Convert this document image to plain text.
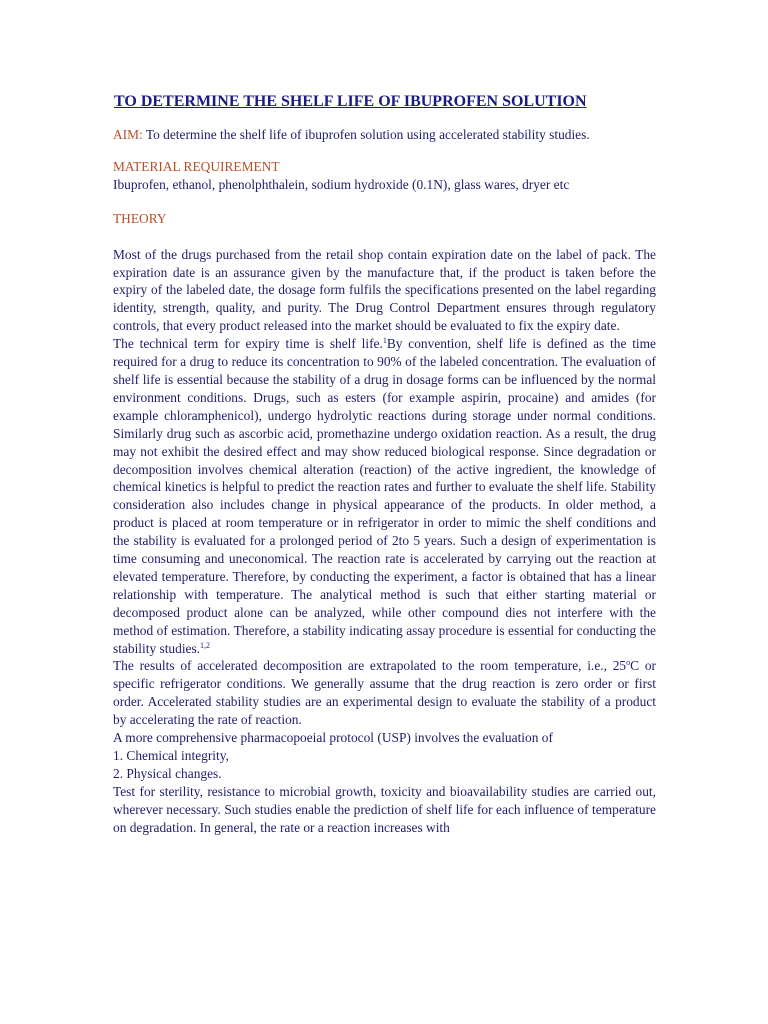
TO DETERMINE THE SHELF LIFE OF IBUPROFEN SOLUTION

AIM: To determine the shelf life of ibuprofen solution using accelerated stability studies.

MATERIAL REQUIREMENT

Ibuprofen, ethanol, phenolphthalein, sodium hydroxide (0.1N), glass wares, dryer etc

THEORY

Most of the drugs purchased from the retail shop contain expiration date on the label of pack. The expiration date is an assurance given by the manufacture that, if the product is taken before the expiry of the labeled date, the dosage form fulfils the specifications presented on the label regarding identity, strength, quality, and purity. The Drug Control Department ensures through regulatory controls, that every product released into the market should be evaluated to fix the expiry date.
The technical term for expiry time is shelf life.$^1$By convention, shelf life is defined as the time required for a drug to reduce its concentration to 90% of the labeled concentration. The evaluation of shelf life is essential because the stability of a drug in dosage forms can be influenced by the normal environment conditions. Drugs, such as esters (for example aspirin, procaine) and amides (for example chloramphenicol), undergo hydrolytic reactions during storage under normal conditions. Similarly drug such as ascorbic acid, promethazine undergo oxidation reaction. As a result, the drug may not exhibit the desired effect and may show reduced biological response. Since degradation or decomposition involves chemical alteration (reaction) of the active ingredient, the knowledge of chemical kinetics is helpful to predict the reaction rates and further to evaluate the shelf life. Stability consideration also includes change in physical appearance of the products. In older method, a product is placed at room temperature or in refrigerator in order to mimic the shelf conditions and the stability is evaluated for a prolonged period of 2to 5 years. Such a design of experimentation is time consuming and uneconomical. The reaction rate is accelerated by carrying out the reaction at elevated temperature. Therefore, by conducting the experiment, a factor is obtained that has a linear relationship with temperature. The analytical method is such that either starting material or decomposed product alone can be analyzed, while other compound dies not interfere with the method of estimation. Therefore, a stability indicating assay procedure is essential for conducting the stability studies.$^{1,2}$

The results of accelerated decomposition are extrapolated to the room temperature, i.e., 25$^o$C or specific refrigerator conditions. We generally assume that the drug reaction is zero order or first order. Accelerated stability studies are an experimental design to evaluate the stability of a product by accelerating the rate of reaction.

A more comprehensive pharmacopoeial protocol (USP) involves the evaluation of

1. Chemical integrity,

2. Physical changes.

Test for sterility, resistance to microbial growth, toxicity and bioavailability studies are carried out, wherever necessary. Such studies enable the prediction of shelf life for each influence of temperature on degradation. In general, the rate or a reaction increases with
